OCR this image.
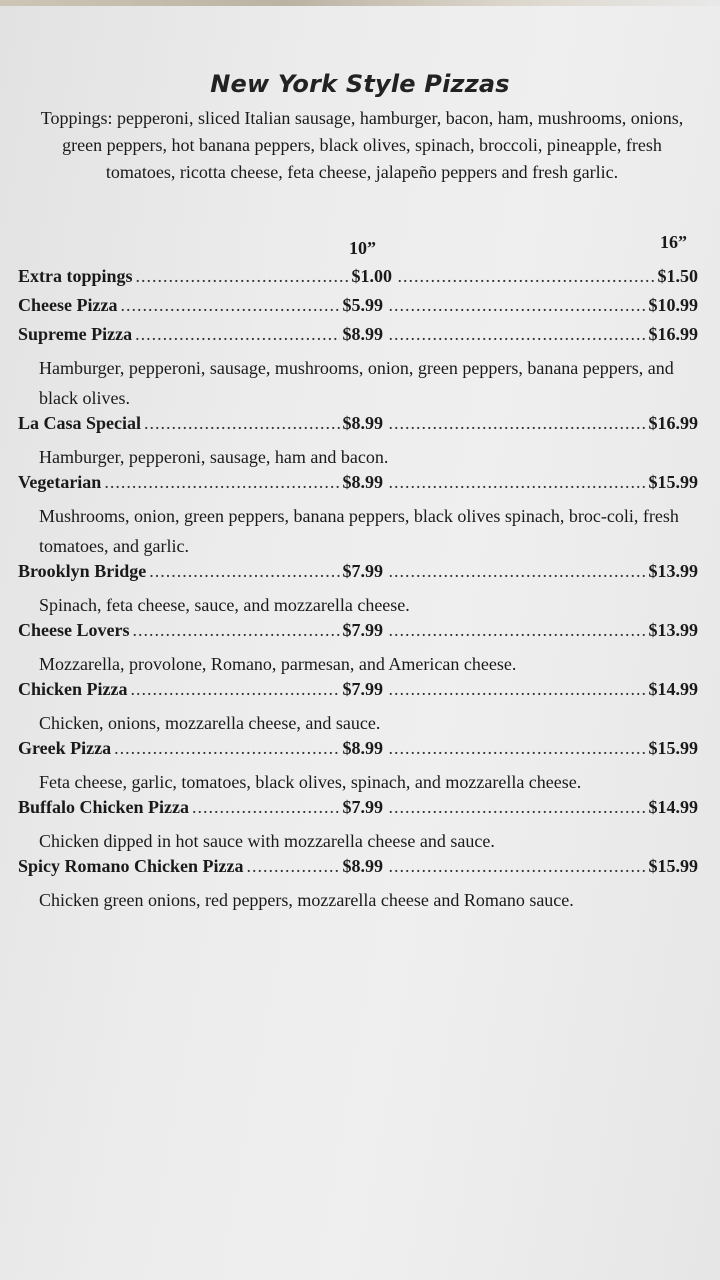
New York Style Pizzas
Toppings: pepperoni, sliced Italian sausage, hamburger, bacon, ham, mushrooms, onions, green peppers, hot banana peppers, black olives, spinach, broccoli, pineapple, fresh tomatoes, ricotta cheese, feta cheese, jalapeño peppers and fresh garlic.
10”	16”
Extra toppings .....	$1.00 .....	$1.50
Cheese Pizza .....	$5.99 .....	$10.99
Supreme Pizza .....	$8.99 .....	$16.99
Hamburger, pepperoni, sausage, mushrooms, onion, green peppers, banana peppers, and black olives.
La Casa Special .....	$8.99 .....	$16.99
Hamburger, pepperoni, sausage, ham and bacon.
Vegetarian .....	$8.99 .....	$15.99
Mushrooms, onion, green peppers, banana peppers, black olives spinach, broc-coli, fresh tomatoes, and garlic.
Brooklyn Bridge .....	$7.99 .....	$13.99
Spinach, feta cheese, sauce, and mozzarella cheese.
Cheese Lovers .....	$7.99 .....	$13.99
Mozzarella, provolone, Romano, parmesan, and American cheese.
Chicken Pizza .....	$7.99 .....	$14.99
Chicken, onions, mozzarella cheese, and sauce.
Greek Pizza .....	$8.99 .....	$15.99
Feta cheese, garlic, tomatoes, black olives, spinach, and mozzarella cheese.
Buffalo Chicken Pizza .....	$7.99 .....	$14.99
Chicken dipped in hot sauce with mozzarella cheese and sauce.
Spicy Romano Chicken Pizza .....	$8.99 .....	$15.99
Chicken green onions, red peppers, mozzarella cheese and Romano sauce.
